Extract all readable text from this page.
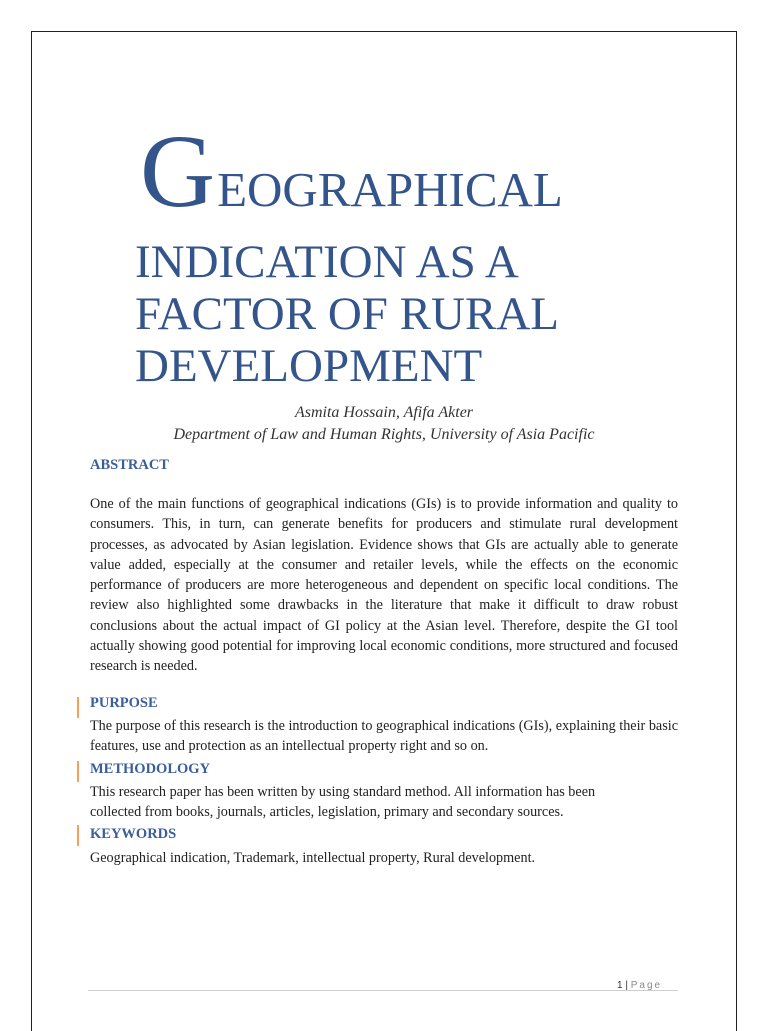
GEOGRAPHICAL
INDICATION AS A
FACTOR OF RURAL
DEVELOPMENT
Asmita Hossain, Afifa Akter
Department of Law and Human Rights, University of Asia Pacific
ABSTRACT
One of the main functions of geographical indications (GIs) is to provide information and quality to consumers. This, in turn, can generate benefits for producers and stimulate rural development processes, as advocated by Asian legislation. Evidence shows that GIs are actually able to generate value added, especially at the consumer and retailer levels, while the effects on the economic performance of producers are more heterogeneous and dependent on specific local conditions. The review also highlighted some drawbacks in the literature that make it difficult to draw robust conclusions about the actual impact of GI policy at the Asian level. Therefore, despite the GI tool actually showing good potential for improving local economic conditions, more structured and focused research is needed.
PURPOSE
The purpose of this research is the introduction to geographical indications (GIs), explaining their basic features, use and protection as an intellectual property right and so on.
METHODOLOGY
This research paper has been written by using standard method. All information has been
collected from books, journals, articles, legislation, primary and secondary sources.
KEYWORDS
Geographical indication, Trademark, intellectual property, Rural development.
1 | Page
